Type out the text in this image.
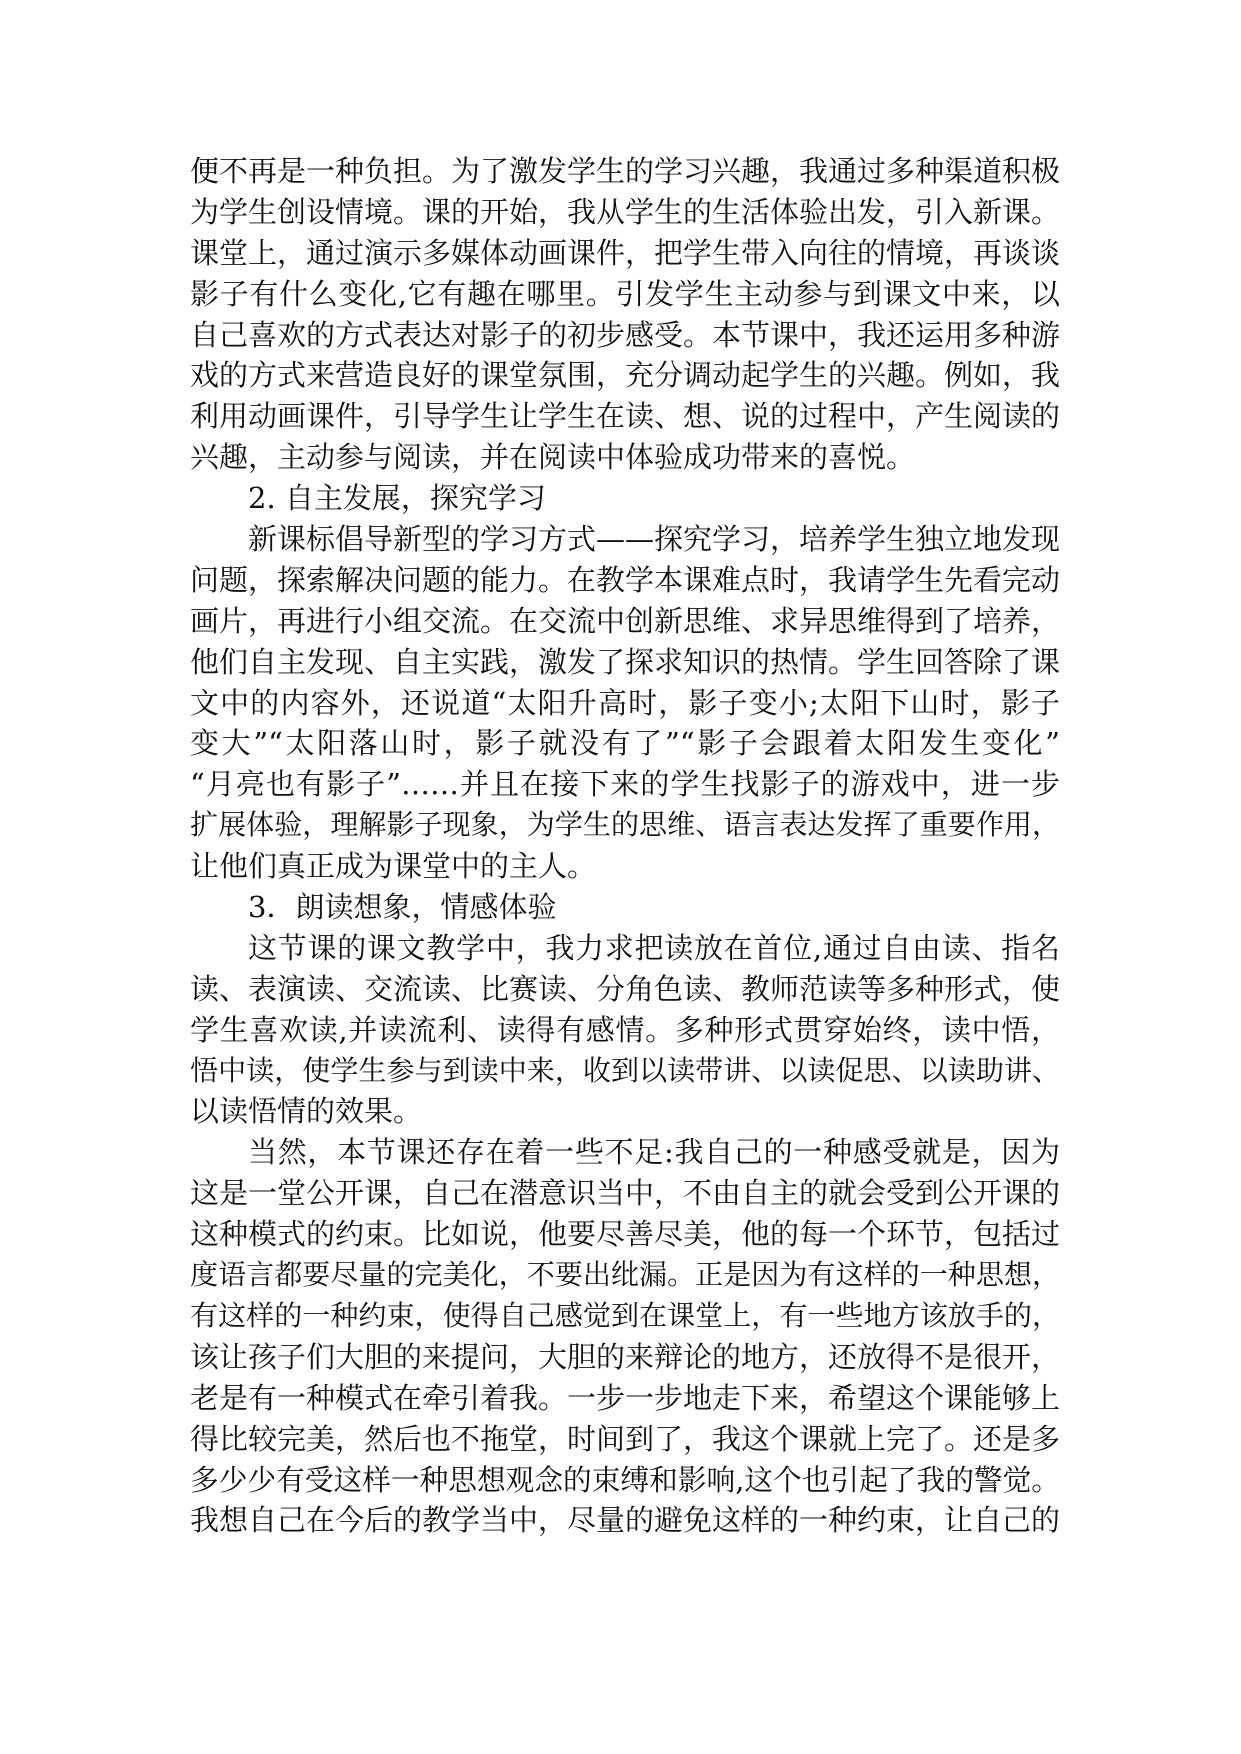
便不再是一种负担。为了激发学生的学习兴趣，我通过多种渠道积极
为学生创设情境。课的开始，我从学生的生活体验出发，引入新课。
课堂上，通过演示多媒体动画课件，把学生带入向往的情境，再谈谈
影子有什么变化,它有趣在哪里。引发学生主动参与到课文中来，以
自己喜欢的方式表达对影子的初步感受。本节课中，我还运用多种游
戏的方式来营造良好的课堂氛围，充分调动起学生的兴趣。例如，我
利用动画课件，引导学生让学生在读、想、说的过程中，产生阅读的
兴趣，主动参与阅读，并在阅读中体验成功带来的喜悦。
2. 自主发展，探究学习
新课标倡导新型的学习方式——探究学习，培养学生独立地发现
问题，探索解决问题的能力。在教学本课难点时，我请学生先看完动
画片，再进行小组交流。在交流中创新思维、求异思维得到了培养，
他们自主发现、自主实践，激发了探求知识的热情。学生回答除了课
文中的内容外，还说道“太阳升高时，影子变小;太阳下山时，影子
变大”“太阳落山时，影子就没有了”“影子会跟着太阳发生变化”
“月亮也有影子”……并且在接下来的学生找影子的游戏中，进一步
扩展体验，理解影子现象，为学生的思维、语言表达发挥了重要作用，
让他们真正成为课堂中的主人。
3．朗读想象，情感体验
这节课的课文教学中，我力求把读放在首位,通过自由读、指名
读、表演读、交流读、比赛读、分角色读、教师范读等多种形式，使
学生喜欢读,并读流利、读得有感情。多种形式贯穿始终，读中悟，
悟中读，使学生参与到读中来，收到以读带讲、以读促思、以读助讲、
以读悟情的效果。
当然，本节课还存在着一些不足:我自己的一种感受就是，因为
这是一堂公开课，自己在潜意识当中，不由自主的就会受到公开课的
这种模式的约束。比如说，他要尽善尽美，他的每一个环节，包括过
度语言都要尽量的完美化，不要出纰漏。正是因为有这样的一种思想，
有这样的一种约束，使得自己感觉到在课堂上，有一些地方该放手的，
该让孩子们大胆的来提问，大胆的来辩论的地方，还放得不是很开，
老是有一种模式在牵引着我。一步一步地走下来，希望这个课能够上
得比较完美，然后也不拖堂，时间到了，我这个课就上完了。还是多
多少少有受这样一种思想观念的束缚和影响,这个也引起了我的警觉。
我想自己在今后的教学当中，尽量的避免这样的一种约束，让自己的
